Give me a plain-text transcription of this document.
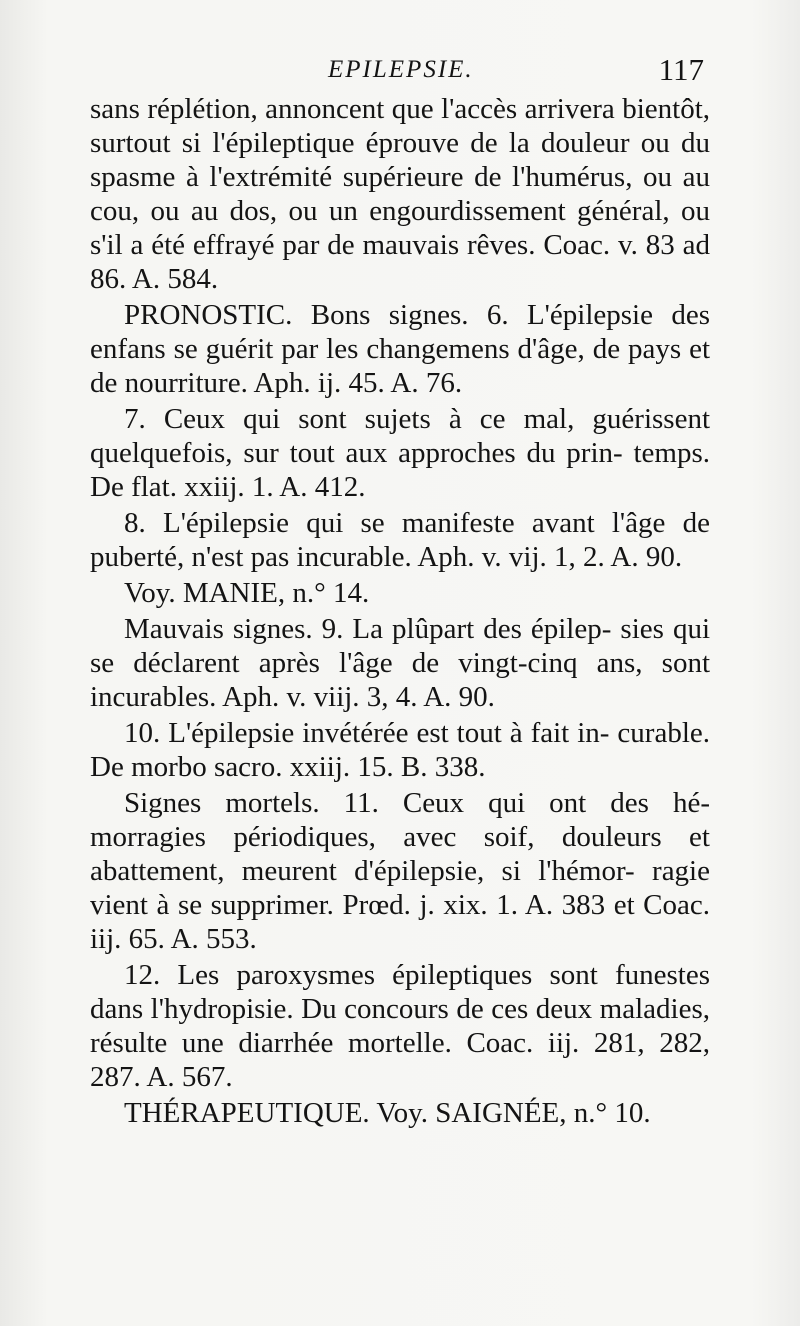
EPILEPSIE.	117

sans réplétion, annoncent que l'accès arrivera bientôt, surtout si l'épileptique éprouve de la douleur ou du spasme à l'extrémité supérieure de l'humérus, ou au cou, ou au dos, ou un engourdissement général, ou s'il a été effrayé par de mauvais rêves. Coac. v. 83 ad 86. A. 584.

PRONOSTIC. Bons signes. 6. L'épilepsie des enfans se guérit par les changemens d'âge, de pays et de nourriture. Aph. ij. 45. A. 76.

7. Ceux qui sont sujets à ce mal, guérissent quelquefois, sur tout aux approches du prin- temps. De flat. xxiij. 1. A. 412.

8. L'épilepsie qui se manifeste avant l'âge de puberté, n'est pas incurable. Aph. v. vij. 1, 2. A. 90.

Voy. MANIE, n.° 14.

Mauvais signes. 9. La plûpart des épilep- sies qui se déclarent après l'âge de vingt-cinq ans, sont incurables. Aph. v. viij. 3, 4. A. 90.

10. L'épilepsie invétérée est tout à fait in- curable. De morbo sacro. xxiij. 15. B. 338.

Signes mortels. 11. Ceux qui ont des hé- morragies périodiques, avec soif, douleurs et abattement, meurent d'épilepsie, si l'hémor- ragie vient à se supprimer. Prœd. j. xix. 1. A. 383 et Coac. iij. 65. A. 553.

12. Les paroxysmes épileptiques sont funestes dans l'hydropisie. Du concours de ces deux maladies, résulte une diarrhée mortelle. Coac. iij. 281, 282, 287. A. 567.

THÉRAPEUTIQUE. Voy. SAIGNÉE, n.° 10.
